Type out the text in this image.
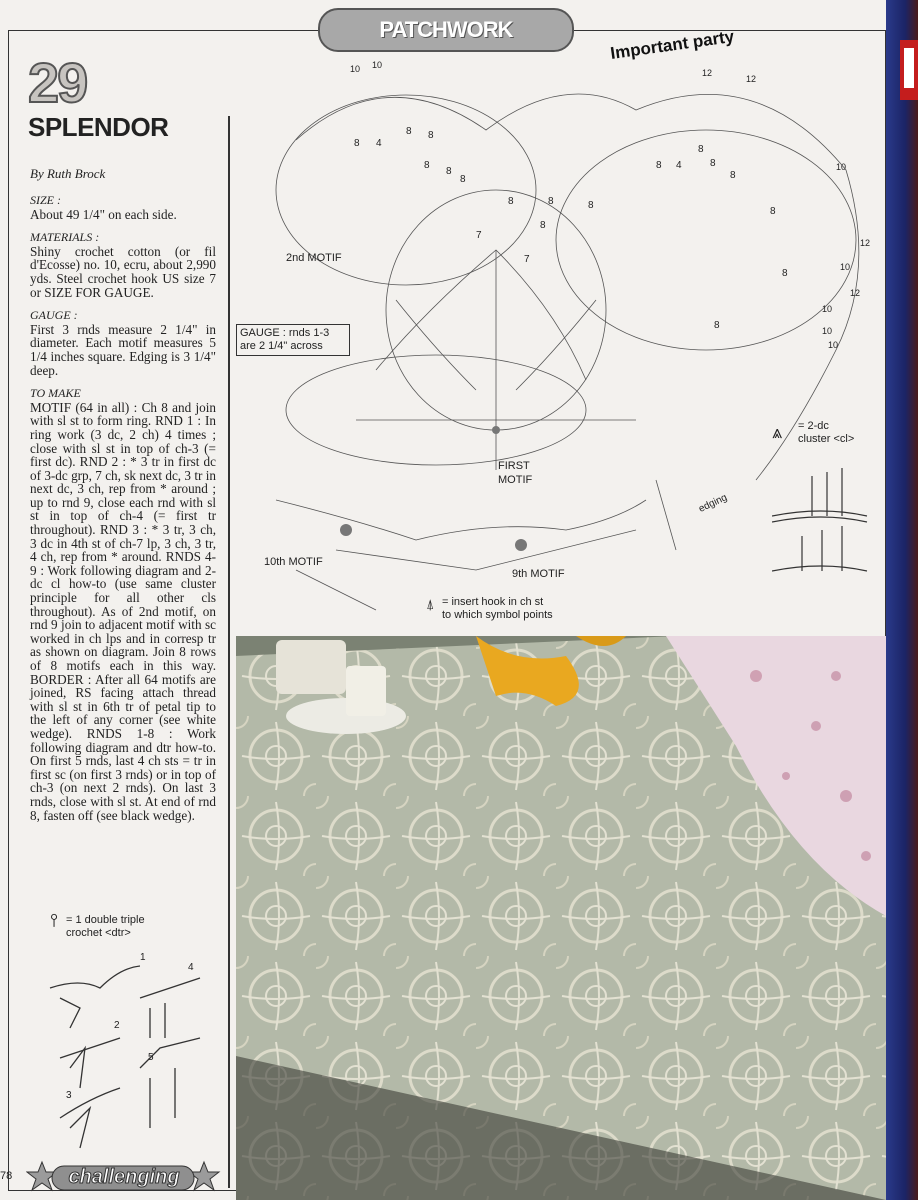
PATCHWORK	Important party
29
SPLENDOR
By Ruth Brock
SIZE :
About 49 1/4" on each side.
MATERIALS :
Shiny crochet cotton (or fil d'Ecosse) no. 10, ecru, about 2,990 yds. Steel crochet hook US size 7 or SIZE FOR GAUGE.
GAUGE :
First 3 rnds measure 2 1/4" in diameter. Each motif measures 5 1/4 inches square. Edging is 3 1/4" deep.
TO MAKE
MOTIF (64 in all) : Ch 8 and join with sl st to form ring. RND 1 : In ring work (3 dc, 2 ch) 4 times ; close with sl st in top of ch-3 (= first dc). RND 2 : * 3 tr in first dc of 3-dc grp, 7 ch, sk next dc, 3 tr in next dc, 3 ch, rep from * around ; up to rnd 9, close each rnd with sl st in top of ch-4 (= first tr throughout). RND 3 : * 3 tr, 3 ch, 3 dc in 4th st of ch-7 lp, 3 ch, 3 tr, 4 ch, rep from * around. RNDS 4-9 : Work following diagram and 2-dc cl how-to (use same cluster principle for all other cls throughout). As of 2nd motif, on rnd 9 join to adjacent motif with sc worked in ch lps and in corresp tr as shown on diagram. Join 8 rows of 8 motifs each in this way. BORDER : After all 64 motifs are joined, RS facing attach thread with sl st in 6th tr of petal tip to the left of any corner (see white wedge). RNDS 1-8 : Work following diagram and dtr how-to. On first 5 rnds, last 4 ch sts = tr in first sc (on first 3 rnds) or in top of ch-3 (on next 2 rnds). On last 3 rnds, close with sl st. At end of rnd 8, fasten off (see black wedge).
2nd MOTIF
FIRST
MOTIF
10th MOTIF
9th MOTIF
edging
10 10
12
12
8
8 8
4
8
8
8
8
4
8
8
8
10
10
12
10
12
10
10
8	8	8
7
7
8
8
8
8
⩓ = 2-dc
cluster <cl>
⍋ = insert hook in ch st
to which symbol points
GAUGE : rnds 1-3 are 2 1/4" across
⫯ = 1 double triple
crochet <dtr>
1
2
3
4
5
78	challenging
